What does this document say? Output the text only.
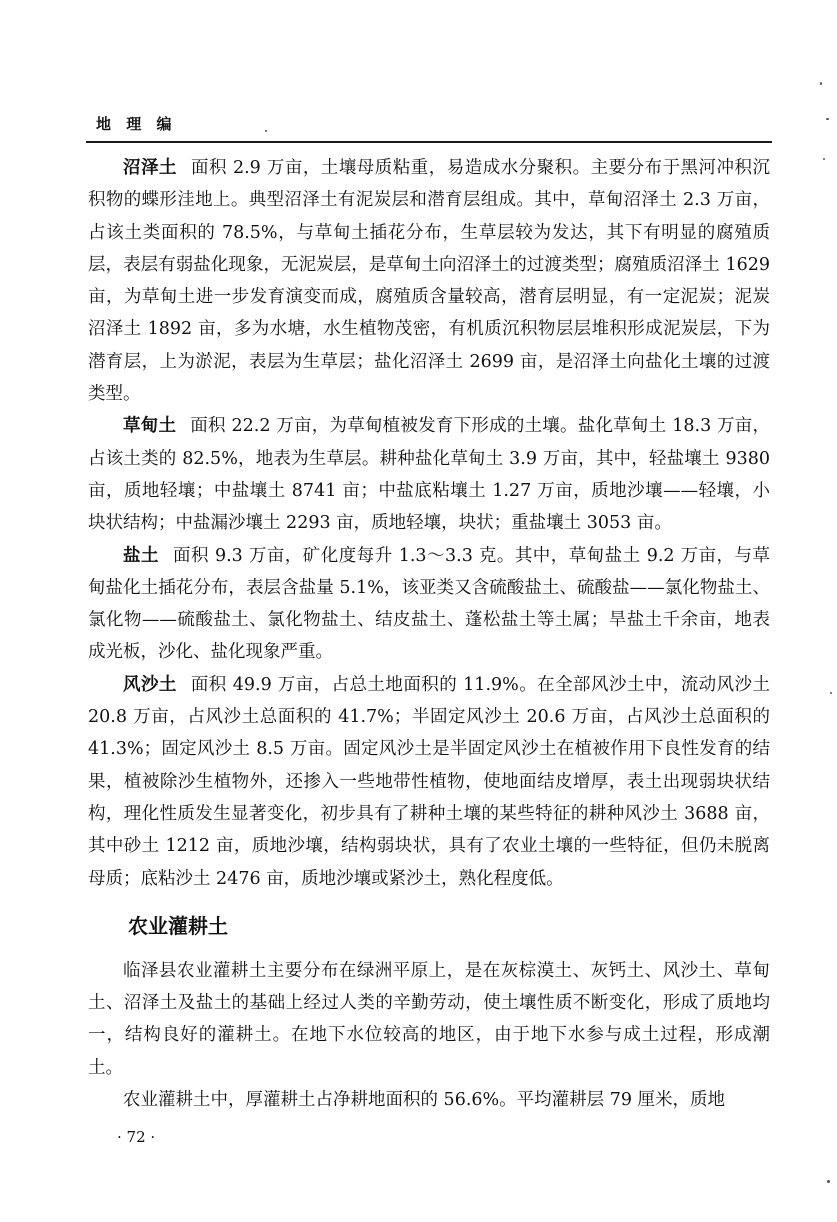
地 理 编

沼泽土 面积 2.9 万亩，土壤母质粘重，易造成水分聚积。主要分布于黑河冲积沉积物的蝶形洼地上。典型沼泽土有泥炭层和潜育层组成。其中，草甸沼泽土 2.3 万亩，占该土类面积的 78.5%，与草甸土插花分布，生草层较为发达，其下有明显的腐殖质层，表层有弱盐化现象，无泥炭层，是草甸土向沼泽土的过渡类型；腐殖质沼泽土 1629 亩，为草甸土进一步发育演变而成，腐殖质含量较高，潜育层明显，有一定泥炭；泥炭沼泽土 1892 亩，多为水塘，水生植物茂密，有机质沉积物层层堆积形成泥炭层，下为潜育层，上为淤泥，表层为生草层；盐化沼泽土 2699 亩，是沼泽土向盐化土壤的过渡类型。

草甸土 面积 22.2 万亩，为草甸植被发育下形成的土壤。盐化草甸土 18.3 万亩，占该土类的 82.5%，地表为生草层。耕种盐化草甸土 3.9 万亩，其中，轻盐壤土 9380 亩，质地轻壤；中盐壤土 8741 亩；中盐底粘壤土 1.27 万亩，质地沙壤——轻壤，小块状结构；中盐漏沙壤土 2293 亩，质地轻壤，块状；重盐壤土 3053 亩。

盐土 面积 9.3 万亩，矿化度每升 1.3～3.3 克。其中，草甸盐土 9.2 万亩，与草甸盐化土插花分布，表层含盐量 5.1%，该亚类又含硫酸盐土、硫酸盐——氯化物盐土、氯化物——硫酸盐土、氯化物盐土、结皮盐土、蓬松盐土等土属；旱盐土千余亩，地表成光板，沙化、盐化现象严重。

风沙土 面积 49.9 万亩，占总土地面积的 11.9%。在全部风沙土中，流动风沙土 20.8 万亩，占风沙土总面积的 41.7%；半固定风沙土 20.6 万亩，占风沙土总面积的 41.3%；固定风沙土 8.5 万亩。固定风沙土是半固定风沙土在植被作用下良性发育的结果，植被除沙生植物外，还掺入一些地带性植物，使地面结皮增厚，表土出现弱块状结构，理化性质发生显著变化，初步具有了耕种土壤的某些特征的耕种风沙土 3688 亩，其中砂土 1212 亩，质地沙壤，结构弱块状，具有了农业土壤的一些特征，但仍未脱离母质；底粘沙土 2476 亩，质地沙壤或紧沙土，熟化程度低。

农业灌耕土

临泽县农业灌耕土主要分布在绿洲平原上，是在灰棕漠土、灰钙土、风沙土、草甸土、沼泽土及盐土的基础上经过人类的辛勤劳动，使土壤性质不断变化，形成了质地均一，结构良好的灌耕土。在地下水位较高的地区，由于地下水参与成土过程，形成潮土。

农业灌耕土中，厚灌耕土占净耕地面积的 56.6%。平均灌耕层 79 厘米，质地

· 72 ·
